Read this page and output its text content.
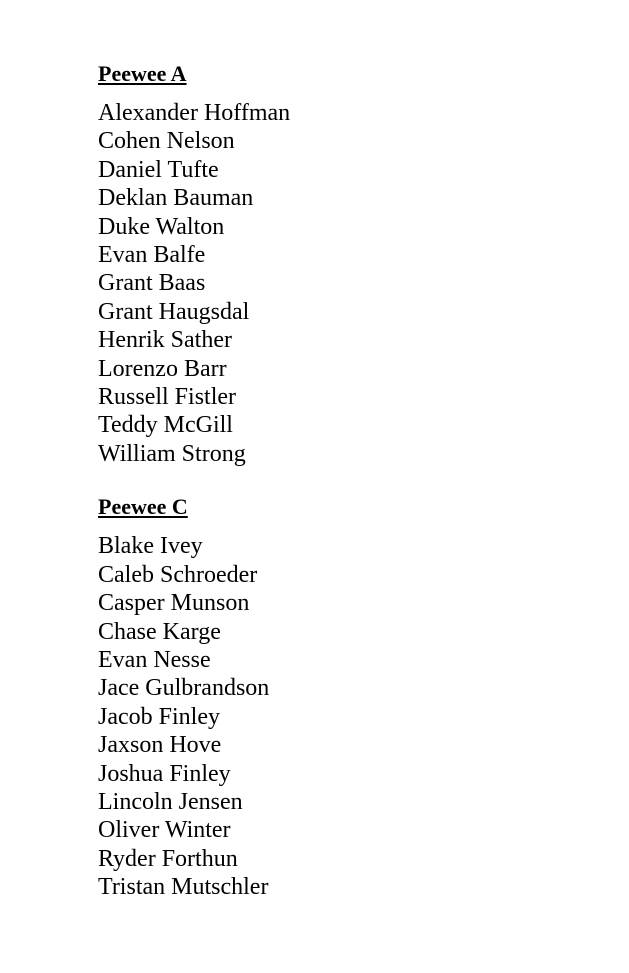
Peewee A
Alexander Hoffman
Cohen Nelson
Daniel Tufte
Deklan Bauman
Duke Walton
Evan Balfe
Grant Baas
Grant Haugsdal
Henrik Sather
Lorenzo Barr
Russell Fistler
Teddy McGill
William Strong
Peewee C
Blake Ivey
Caleb Schroeder
Casper Munson
Chase Karge
Evan Nesse
Jace Gulbrandson
Jacob Finley
Jaxson Hove
Joshua Finley
Lincoln Jensen
Oliver Winter
Ryder Forthun
Tristan Mutschler
